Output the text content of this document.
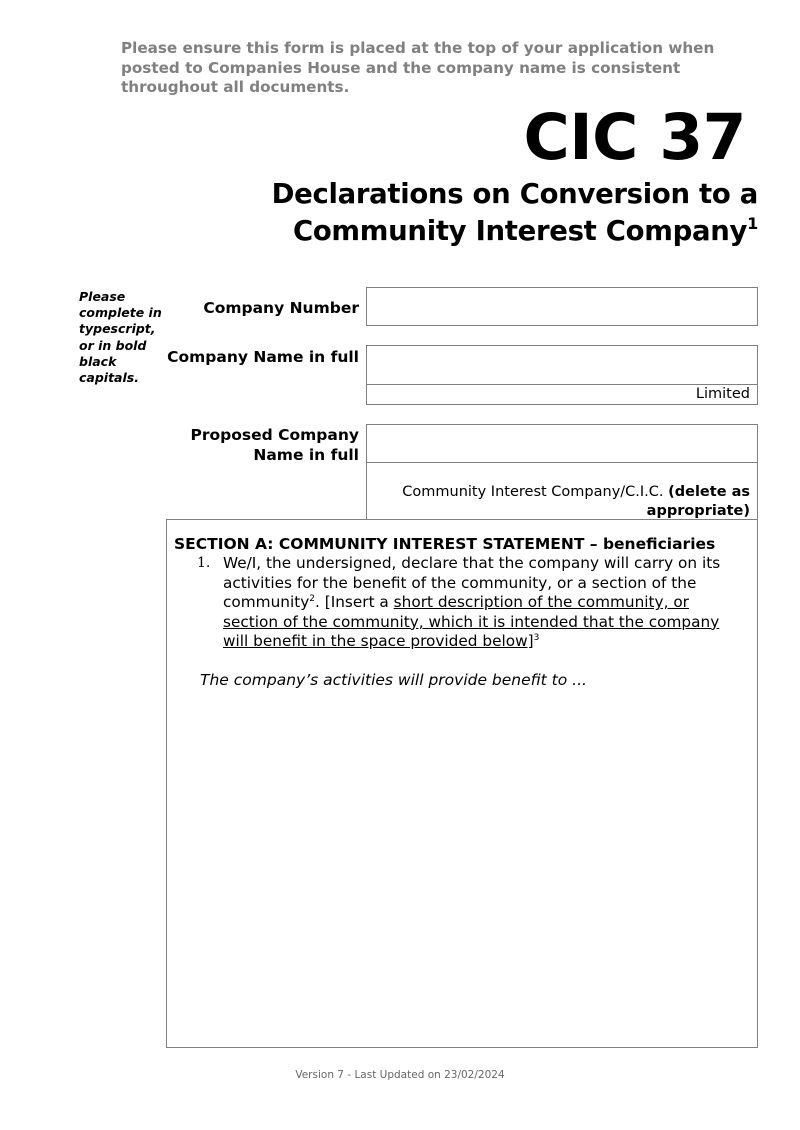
Please ensure this form is placed at the top of your application when posted to Companies House and the company name is consistent throughout all documents.
CIC 37
Declarations on Conversion to a
Community Interest Company$^1$
Please complete in typescript, or in bold black capitals.
Company Number
Company Name in full
Limited
Proposed Company
Name in full
Community Interest Company/C.I.C. (delete as
appropriate)
SECTION A: COMMUNITY INTEREST STATEMENT – beneficiaries
1. We/I, the undersigned, declare that the company will carry on its activities for the benefit of the community, or a section of the community$^2$. [Insert a short description of the community, or section of the community, which it is intended that the company will benefit in the space provided below]$^3$
The company’s activities will provide benefit to ...
Version 7 - Last Updated on 23/02/2024
